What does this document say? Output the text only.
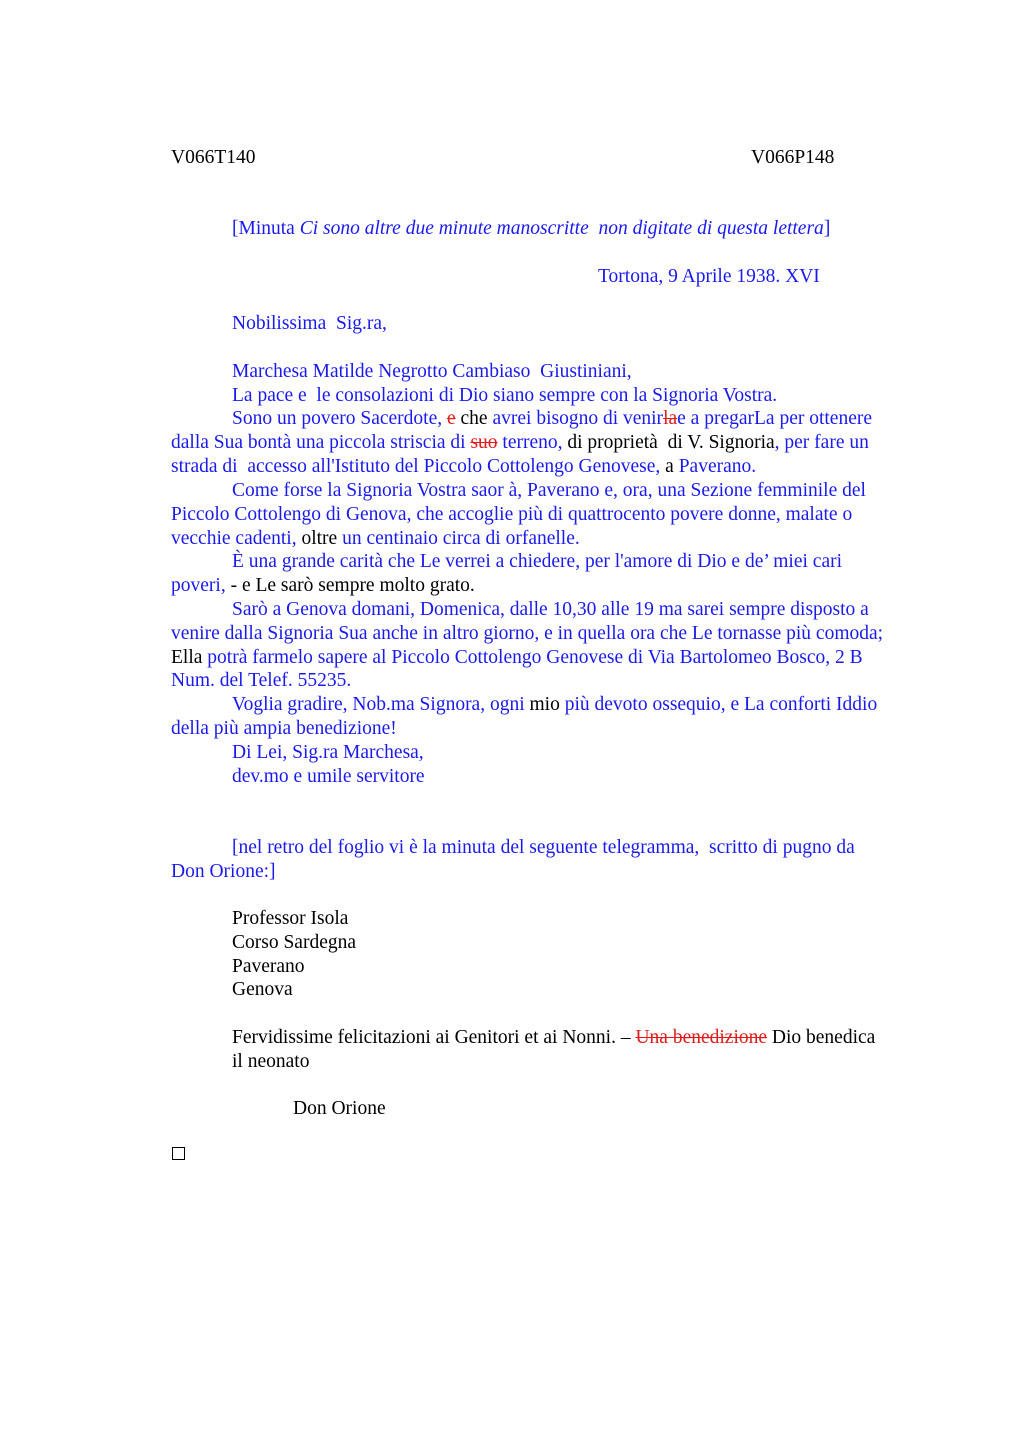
V066T140	V066P148
[Minuta Ci sono altre due minute manoscritte  non digitate di questa lettera]
Tortona, 9 Aprile 1938. XVI
Nobilissima  Sig.ra,
Marchesa Matilde Negrotto Cambiaso  Giustiniani,
La pace e  le consolazioni di Dio siano sempre con la Signoria Vostra.
Sono un povero Sacerdote, e che avrei bisogno di venirlae a pregarLa per ottenere
dalla Sua bontà una piccola striscia di suo terreno, di proprietà  di V. Signoria, per fare un
strada di  accesso all'Istituto del Piccolo Cottolengo Genovese, a Paverano.
Come forse la Signoria Vostra saor à, Paverano e, ora, una Sezione femminile del
Piccolo Cottolengo di Genova, che accoglie più di quattrocento povere donne, malate o
vecchie cadenti, oltre un centinaio circa di orfanelle.
È una grande carità che Le verrei a chiedere, per l'amore di Dio e de’ miei cari
poveri, - e Le sarò sempre molto grato.
Sarò a Genova domani, Domenica, dalle 10,30 alle 19 ma sarei sempre disposto a
venire dalla Signoria Sua anche in altro giorno, e in quella ora che Le tornasse più comoda;
Ella potrà farmelo sapere al Piccolo Cottolengo Genovese di Via Bartolomeo Bosco, 2 B
Num. del Telef. 55235.
Voglia gradire, Nob.ma Signora, ogni mio più devoto ossequio, e La conforti Iddio
della più ampia benedizione!
Di Lei, Sig.ra Marchesa,
dev.mo e umile servitore
[nel retro del foglio vi è la minuta del seguente telegramma,  scritto di pugno da
Don Orione:]
Professor Isola
Corso Sardegna
Paverano
Genova
Fervidissime felicitazioni ai Genitori et ai Nonni. – Una benedizione Dio benedica
il neonato
Don Orione
